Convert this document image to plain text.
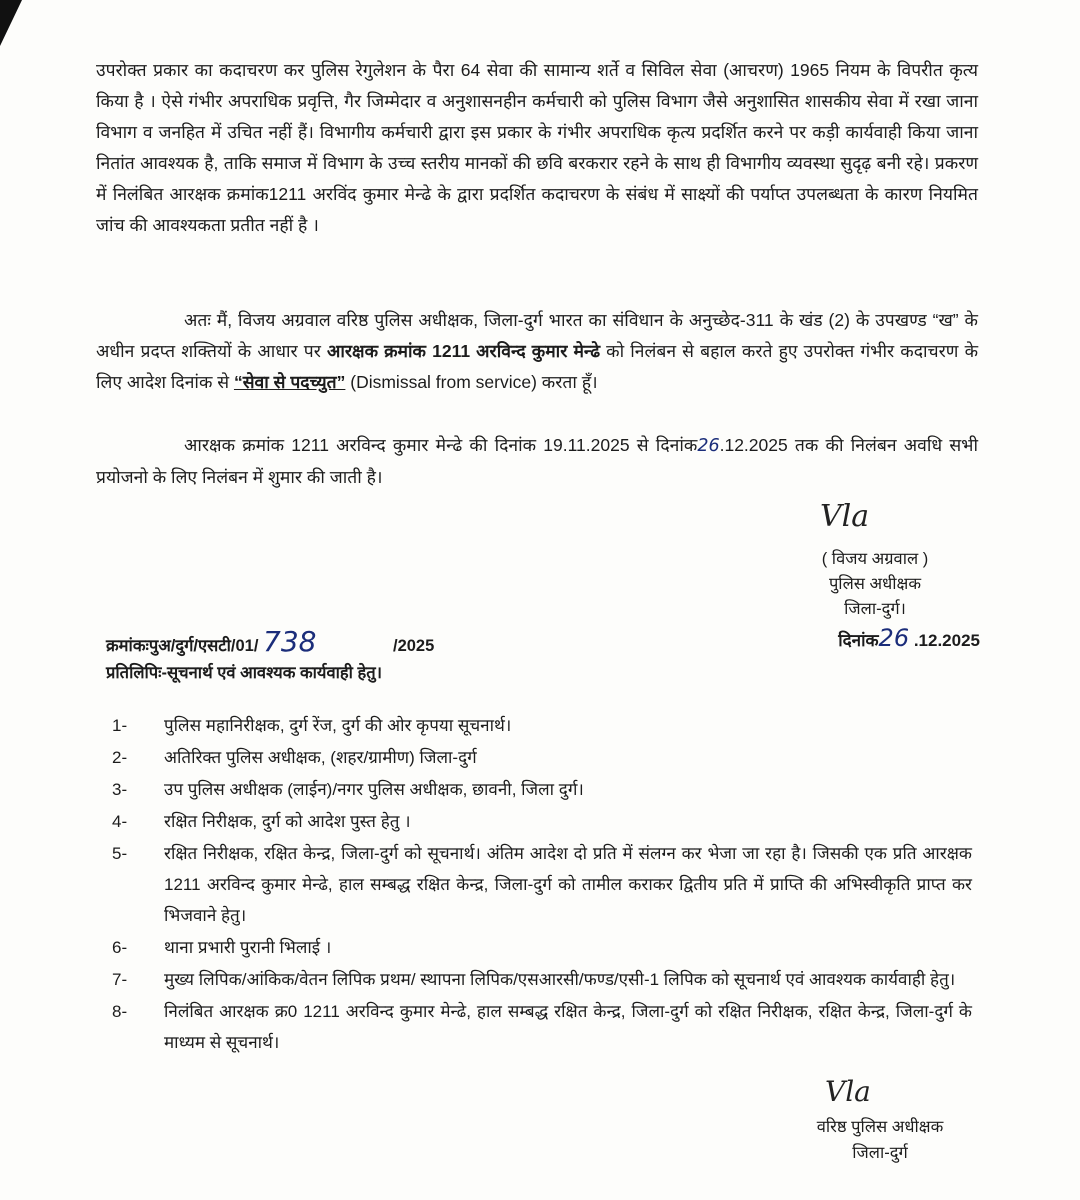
उपरोक्त प्रकार का कदाचरण कर पुलिस रेगुलेशन के पैरा 64 सेवा की सामान्य शर्ते व सिविल सेवा (आचरण) 1965 नियम के विपरीत कृत्य किया है । ऐसे गंभीर अपराधिक प्रवृत्ति, गैर जिम्मेदार व अनुशासनहीन कर्मचारी को पुलिस विभाग जैसे अनुशासित शासकीय सेवा में रखा जाना विभाग व जनहित में उचित नहीं हैं। विभागीय कर्मचारी द्वारा इस प्रकार के गंभीर अपराधिक कृत्य प्रदर्शित करने पर कड़ी कार्यवाही किया जाना नितांत आवश्यक है, ताकि समाज में विभाग के उच्च स्तरीय मानकों की छवि बरकरार रहने के साथ ही विभागीय व्यवस्था सुदृढ़ बनी रहे। प्रकरण में निलंबित आरक्षक क्रमांक1211 अरविंद कुमार मेन्ढे के द्वारा प्रदर्शित कदाचरण के संबंध में साक्ष्यों की पर्याप्त उपलब्धता के कारण नियमित जांच की आवश्यकता प्रतीत नहीं है ।
अतः मैं, विजय अग्रवाल वरिष्ठ पुलिस अधीक्षक, जिला-दुर्ग भारत का संविधान के अनुच्छेद-311 के खंड (2) के उपखण्ड “ख” के अधीन प्रदप्त शक्तियों के आधार पर आरक्षक क्रमांक 1211 अरविन्द कुमार मेन्ढे को निलंबन से बहाल करते हुए उपरोक्त गंभीर कदाचरण के लिए आदेश दिनांक से “सेवा से पदच्युत” (Dismissal from service) करता हूँ।
आरक्षक क्रमांक 1211 अरविन्द कुमार मेन्ढे की दिनांक 19.11.2025 से दिनांक26.12.2025 तक की निलंबन अवधि सभी प्रयोजनो के लिए निलंबन में शुमार की जाती है।
Vla
( विजय अग्रवाल )
पुलिस अधीक्षक
जिला-दुर्ग।
दिनांक26 .12.2025
क्रमांकःपुअ/दुर्ग/एसटी/01/ 738	/2025
प्रतिलिपिः-सूचनार्थ एवं आवश्यक कार्यवाही हेतु।
1-	पुलिस महानिरीक्षक, दुर्ग रेंज, दुर्ग की ओर कृपया सूचनार्थ।
2-	अतिरिक्त पुलिस अधीक्षक, (शहर/ग्रामीण) जिला-दुर्ग
3-	उप पुलिस अधीक्षक (लाईन)/नगर पुलिस अधीक्षक, छावनी, जिला दुर्ग।
4-	रक्षित निरीक्षक, दुर्ग को आदेश पुस्त हेतु ।
5-	रक्षित निरीक्षक, रक्षित केन्द्र, जिला-दुर्ग को सूचनार्थ। अंतिम आदेश दो प्रति में संलग्न कर भेजा जा रहा है। जिसकी एक प्रति आरक्षक 1211 अरविन्द कुमार मेन्ढे, हाल सम्बद्ध रक्षित केन्द्र, जिला-दुर्ग को तामील कराकर द्वितीय प्रति में प्राप्ति की अभिस्वीकृति प्राप्त कर भिजवाने हेतु।
6-	थाना प्रभारी पुरानी भिलाई ।
7-	मुख्य लिपिक/आंकिक/वेतन लिपिक प्रथम/ स्थापना लिपिक/एसआरसी/फण्ड/एसी-1 लिपिक को सूचनार्थ एवं आवश्यक कार्यवाही हेतु।
8-	निलंबित आरक्षक क्र0 1211 अरविन्द कुमार मेन्ढे, हाल सम्बद्ध रक्षित केन्द्र, जिला-दुर्ग को रक्षित निरीक्षक, रक्षित केन्द्र, जिला-दुर्ग के माध्यम से सूचनार्थ।
Vla
वरिष्ठ पुलिस अधीक्षक
जिला-दुर्ग
